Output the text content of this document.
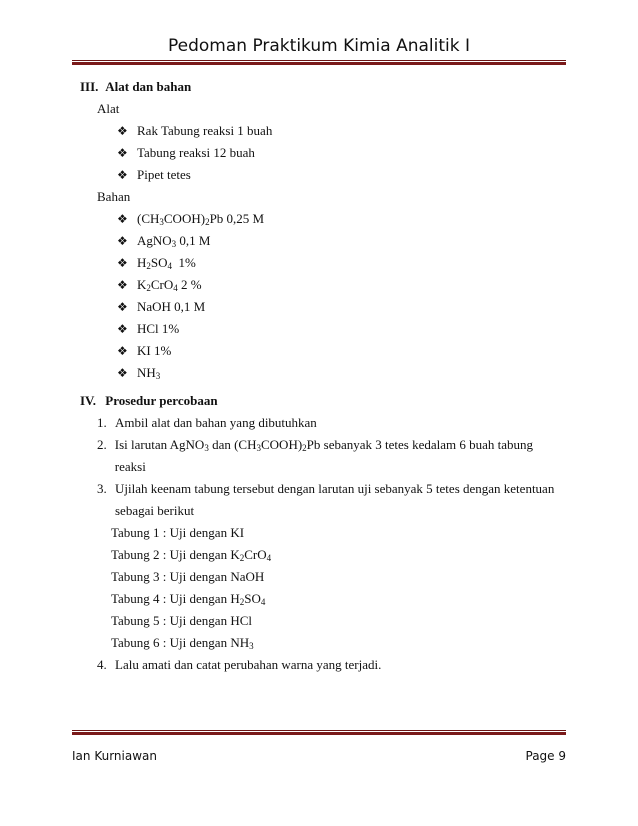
Pedoman Praktikum Kimia Analitik I
III. Alat dan bahan
Alat
❖ Rak Tabung reaksi 1 buah
❖ Tabung reaksi 12 buah
❖ Pipet tetes
Bahan
❖ $(CH_3COOH)_2Pb$ 0,25 M
❖ AgNO$_3$ 0,1 M
❖ $H_2SO_4$  1%
❖ $K_2CrO_4$ 2 %
❖ NaOH 0,1 M
❖ HCl 1%
❖ KI 1%
❖ $NH_3$
IV. Prosedur percobaan
1. Ambil alat dan bahan yang dibutuhkan
2. Isi larutan AgNO$_3$ dan $(CH_3COOH)_2Pb$ sebanyak 3 tetes kedalam 6 buah tabung reaksi
3. Ujilah keenam tabung tersebut dengan larutan uji sebanyak 5 tetes dengan ketentuan
sebagai berikut
Tabung 1 : Uji dengan KI
Tabung 2 : Uji dengan $K_2CrO_4$
Tabung 3 : Uji dengan NaOH
Tabung 4 : Uji dengan $H_2SO_4$
Tabung 5 : Uji dengan HCl
Tabung 6 : Uji dengan $NH_3$
4. Lalu amati dan catat perubahan warna yang terjadi.
Ian Kurniawan	Page 9
